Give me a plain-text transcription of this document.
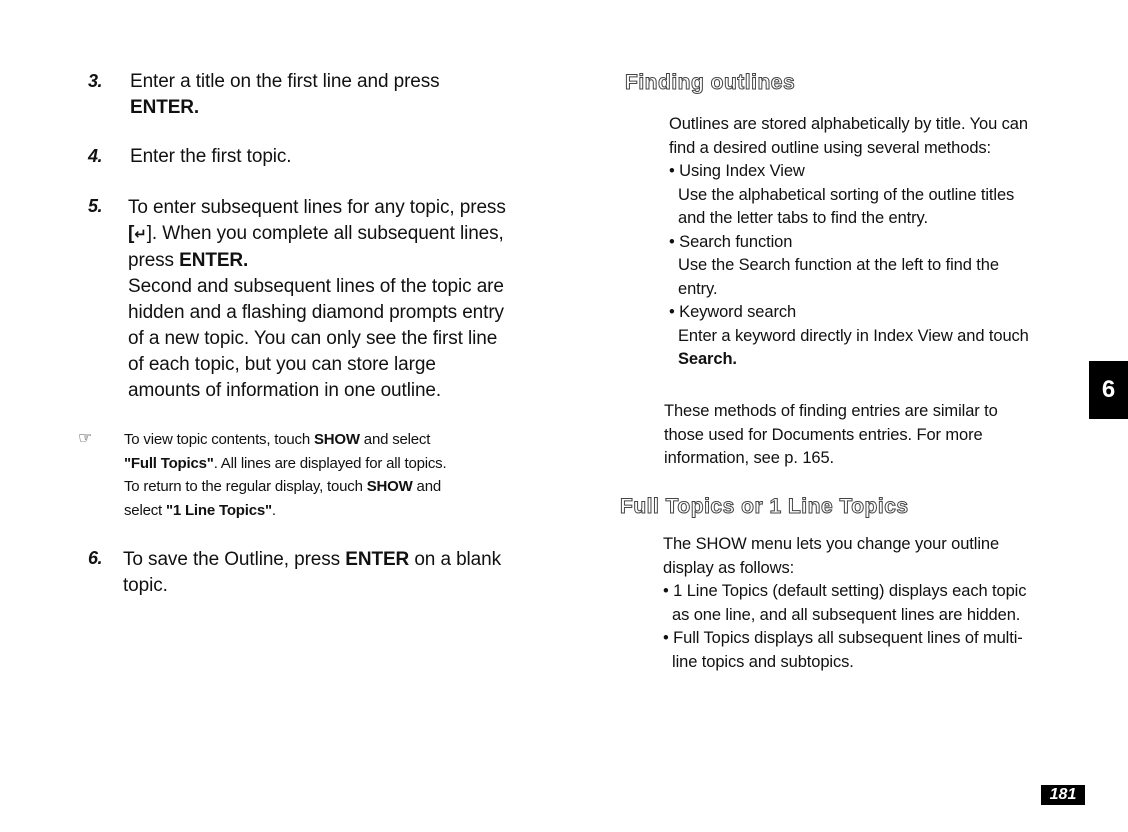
3. Enter a title on the first line and press
ENTER.
4. Enter the first topic.
5. To enter subsequent lines for any topic, press
[↵]. When you complete all subsequent lines,
press ENTER.
Second and subsequent lines of the topic are
hidden and a flashing diamond prompts entry
of a new topic. You can only see the first line
of each topic, but you can store large
amounts of information in one outline.
☞ To view topic contents, touch SHOW and select
"Full Topics". All lines are displayed for all topics.
To return to the regular display, touch SHOW and
select "1 Line Topics".
6. To save the Outline, press ENTER on a blank
topic.
Finding outlines
Outlines are stored alphabetically by title. You can
find a desired outline using several methods:
• Using Index View
Use the alphabetical sorting of the outline titles
and the letter tabs to find the entry.
• Search function
Use the Search function at the left to find the
entry.
• Keyword search
Enter a keyword directly in Index View and touch
Search.
These methods of finding entries are similar to
those used for Documents entries. For more
information, see p. 165.
Full Topics or 1 Line Topics
The SHOW menu lets you change your outline
display as follows:
• 1 Line Topics (default setting) displays each topic
as one line, and all subsequent lines are hidden.
• Full Topics displays all subsequent lines of multi-
line topics and subtopics.
6
181
